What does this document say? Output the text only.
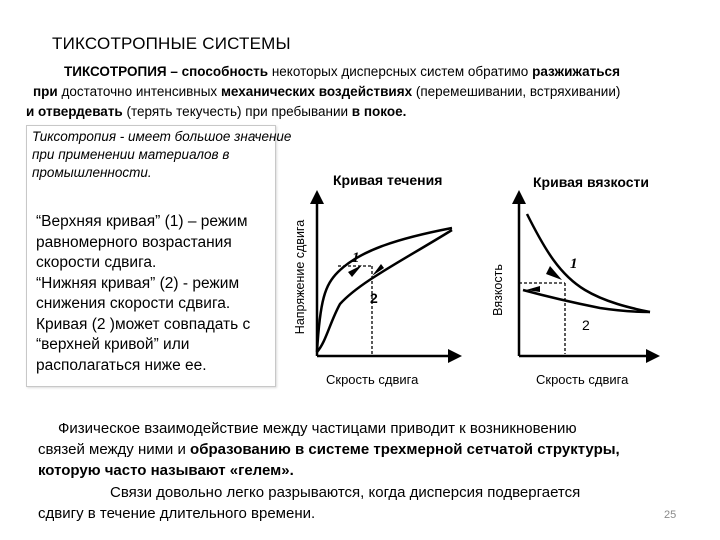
ТИКСОТРОПНЫЕ СИСТЕМЫ
ТИКСОТРОПИЯ – способность некоторых дисперсных систем обратимо разжижаться
при достаточно интенсивных механических воздействиях (перемешивании, встряхивании)
и отвердевать (терять текучесть) при пребывании в покое.
Тиксотропия - имеет большое значение
при применении материалов в
промышленности.
“Верхняя кривая” (1) – режим
равномерного возрастания
скорости сдвига.
“Нижняя кривая” (2) - режим
снижения скорости сдвига.
Кривая (2 )может совпадать с
“верхней кривой” или
располагаться ниже ее.
Кривая течения	Кривая вязкости
Скрость сдвига	Скрость сдвига
Напряжение сдвига	Вязкость
1
2
1
2
Физическое взаимодействие между частицами приводит к возникновению
связей между ними и образованию в системе трехмерной сетчатой структуры,
которую часто называют «гелем».
Связи довольно легко разрываются, когда дисперсия подвергается
сдвигу в течение длительного времени.	25
